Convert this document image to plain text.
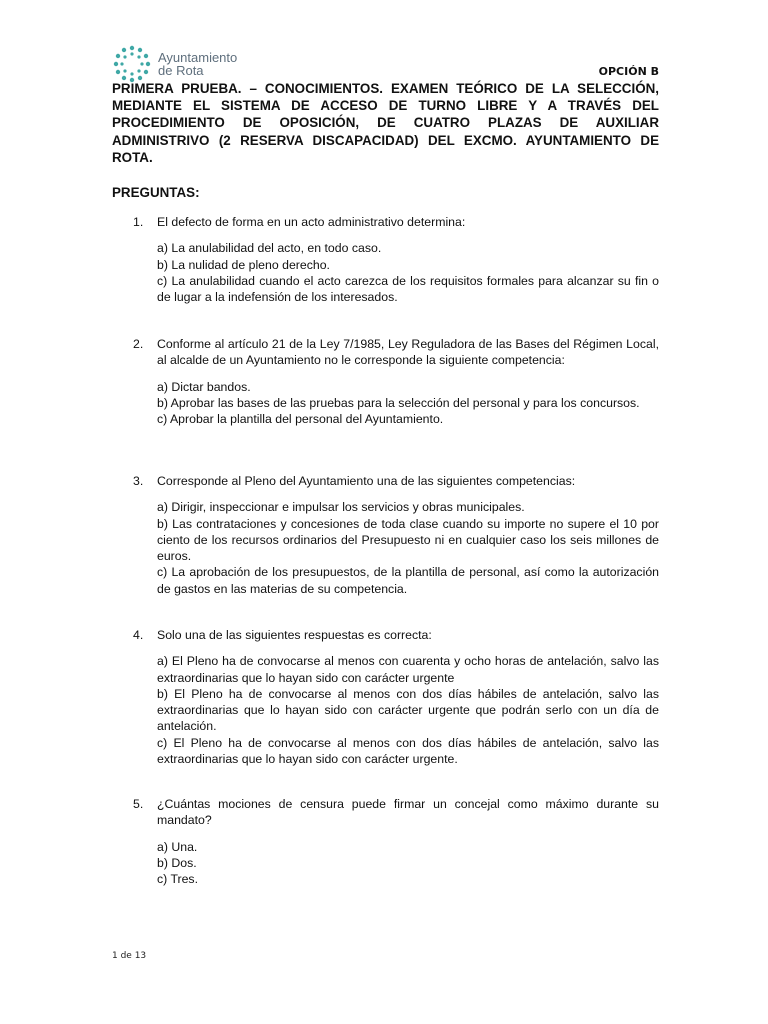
Ayuntamiento
de Rota	OPCIÓN B

PRIMERA PRUEBA. – CONOCIMIENTOS. EXAMEN TEÓRICO DE LA SELECCIÓN, MEDIANTE EL SISTEMA DE ACCESO DE TURNO LIBRE Y A TRAVÉS DEL PROCEDIMIENTO DE OPOSICIÓN, DE CUATRO PLAZAS DE AUXILIAR ADMINISTRIVO (2 RESERVA DISCAPACIDAD) DEL EXCMO. AYUNTAMIENTO DE ROTA.

PREGUNTAS:

1.	El defecto de forma en un acto administrativo determina:
a) La anulabilidad del acto, en todo caso.
b) La nulidad de pleno derecho.
c) La anulabilidad cuando el acto carezca de los requisitos formales para alcanzar su fin o de lugar a la indefensión de los interesados.
2.	Conforme al artículo 21 de la Ley 7/1985, Ley Reguladora de las Bases del Régimen Local, al alcalde de un Ayuntamiento no le corresponde la siguiente competencia:
a) Dictar bandos.
b) Aprobar las bases de las pruebas para la selección del personal y para los concursos.
c) Aprobar la plantilla del personal del Ayuntamiento.
3.	Corresponde al Pleno del Ayuntamiento una de las siguientes competencias:
a) Dirigir, inspeccionar e impulsar los servicios y obras municipales.
b) Las contrataciones y concesiones de toda clase cuando su importe no supere el 10 por ciento de los recursos ordinarios del Presupuesto ni en cualquier caso los seis millones de euros.
c) La aprobación de los presupuestos, de la plantilla de personal, así como la autorización de gastos en las materias de su competencia.
4.	Solo una de las siguientes respuestas es correcta:
a) El Pleno ha de convocarse al menos con cuarenta y ocho horas de antelación, salvo las extraordinarias que lo hayan sido con carácter urgente
b) El Pleno ha de convocarse al menos con dos días hábiles de antelación, salvo las extraordinarias que lo hayan sido con carácter urgente que podrán serlo con un día de antelación.
c) El Pleno ha de convocarse al menos con dos días hábiles de antelación, salvo las extraordinarias que lo hayan sido con carácter urgente.
5.	¿Cuántas mociones de censura puede firmar un concejal como máximo durante su mandato?
a) Una.
b) Dos.
c) Tres.
1 de 13
